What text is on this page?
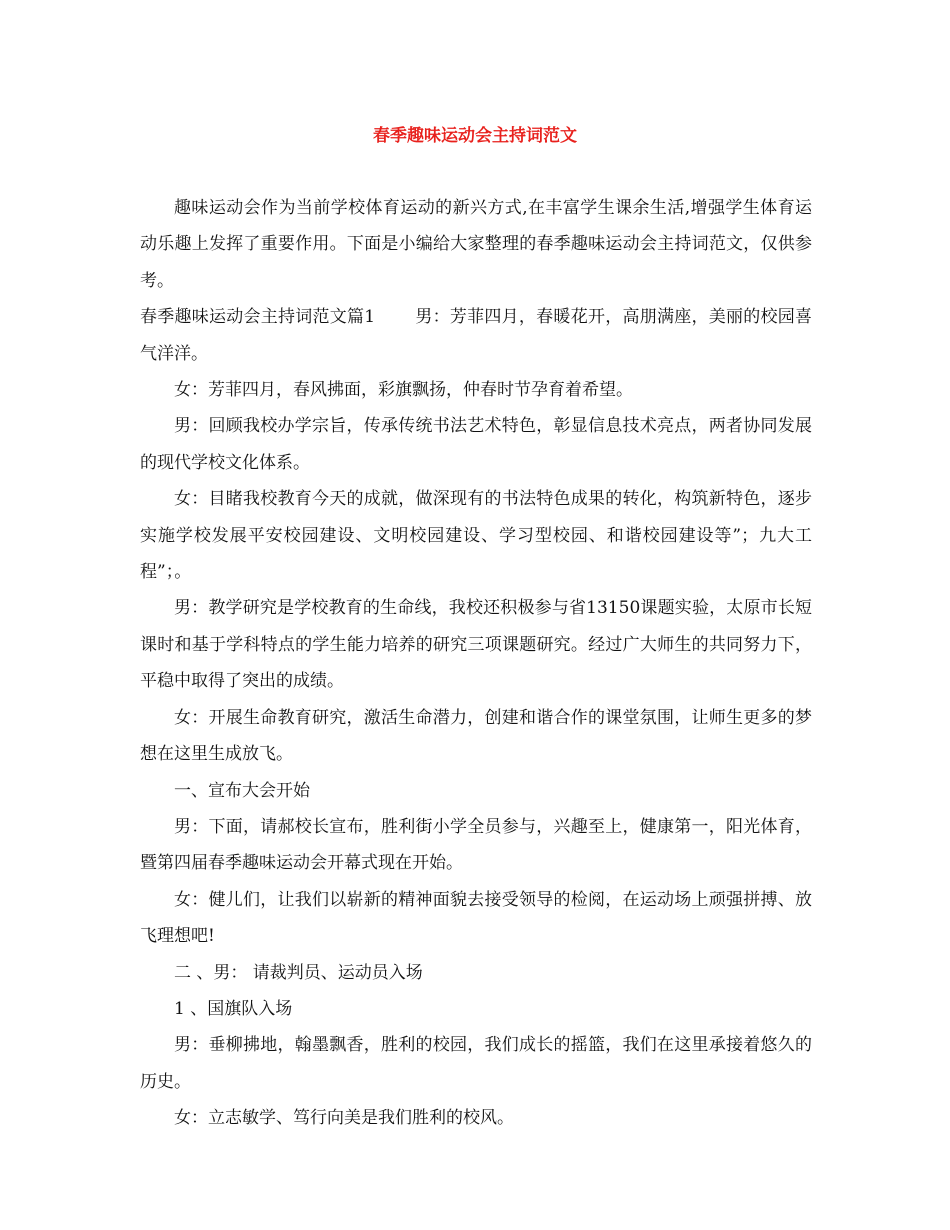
春季趣味运动会主持词范文

趣味运动会作为当前学校体育运动的新兴方式,在丰富学生课余生活,增强学生体育运动乐趣上发挥了重要作用。下面是小编给大家整理的春季趣味运动会主持词范文，仅供参考。

春季趣味运动会主持词范文篇1 男：芳菲四月，春暖花开，高朋满座，美丽的校园喜气洋洋。

女：芳菲四月，春风拂面，彩旗飘扬，仲春时节孕育着希望。

男：回顾我校办学宗旨，传承传统书法艺术特色，彰显信息技术亮点，两者协同发展的现代学校文化体系。

女：目睹我校教育今天的成就，做深现有的书法特色成果的转化，构筑新特色，逐步实施学校发展平安校园建设、文明校园建设、学习型校园、和谐校园建设等”；九大工程”；。

男：教学研究是学校教育的生命线，我校还积极参与省13150课题实验，太原市长短课时和基于学科特点的学生能力培养的研究三项课题研究。经过广大师生的共同努力下，平稳中取得了突出的成绩。

女：开展生命教育研究，激活生命潜力，创建和谐合作的课堂氛围，让师生更多的梦想在这里生成放飞。

一、宣布大会开始

男：下面，请郝校长宣布，胜利街小学全员参与，兴趣至上，健康第一，阳光体育，暨第四届春季趣味运动会开幕式现在开始。

女：健儿们，让我们以崭新的精神面貌去接受领导的检阅，在运动场上顽强拼搏、放飞理想吧!

二 、男： 请裁判员、运动员入场

1 、国旗队入场

男：垂柳拂地，翰墨飘香，胜利的校园，我们成长的摇篮，我们在这里承接着悠久的历史。

女：立志敏学、笃行向美是我们胜利的校风。
